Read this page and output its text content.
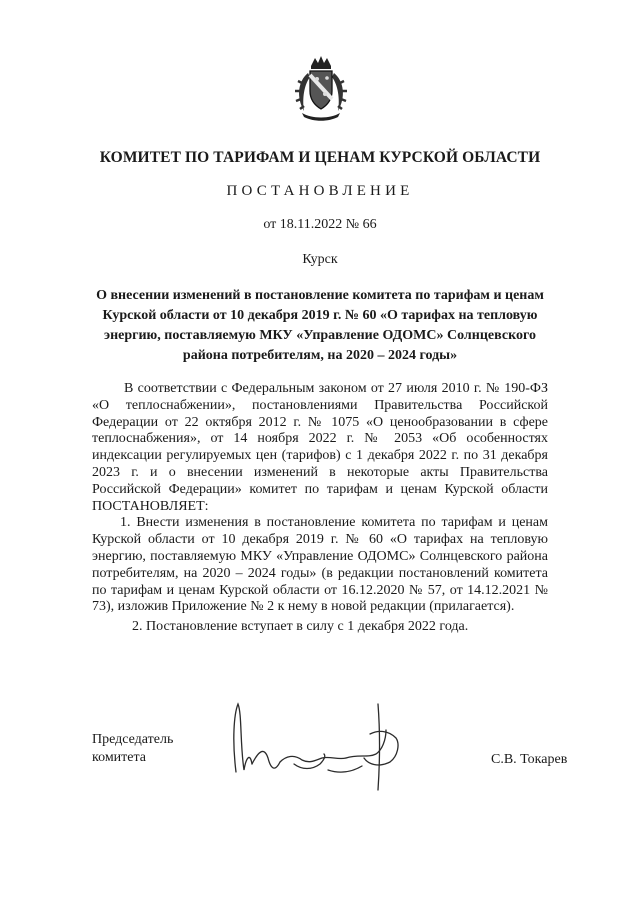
КОМИТЕТ ПО ТАРИФАМ И ЦЕНАМ КУРСКОЙ ОБЛАСТИ
ПОСТАНОВЛЕНИЕ
от 18.11.2022 № 66
Курск
О внесении изменений в постановление комитета по тарифам и ценам Курской области от 10 декабря 2019 г. № 60 «О тарифах на тепловую энергию, поставляемую МКУ «Управление ОДОМС» Солнцевского района потребителям, на 2020 – 2024 годы»

В соответствии с Федеральным законом от 27 июля 2010 г. № 190-ФЗ «О теплоснабжении», постановлениями Правительства Российской Федерации от 22 октября 2012 г. № 1075 «О ценообразовании в сфере теплоснабжения», от 14 ноября 2022 г. № 2053 «Об особенностях индексации регулируемых цен (тарифов) с 1 декабря 2022 г. по 31 декабря 2023 г. и о внесении изменений в некоторые акты Правительства Российской Федерации» комитет по тарифам и ценам Курской области ПОСТАНОВЛЯЕТ:

1. Внести изменения в постановление комитета по тарифам и ценам Курской области от 10 декабря 2019 г. № 60 «О тарифах на тепловую энергию, поставляемую МКУ «Управление ОДОМС» Солнцевского района потребителям, на 2020 – 2024 годы» (в редакции постановлений комитета по тарифам и ценам Курской области от 16.12.2020 № 57, от 14.12.2021 № 73), изложив Приложение № 2 к нему в новой редакции (прилагается).

2. Постановление вступает в силу с 1 декабря 2022 года.

Председатель
комитета	С.В. Токарев
